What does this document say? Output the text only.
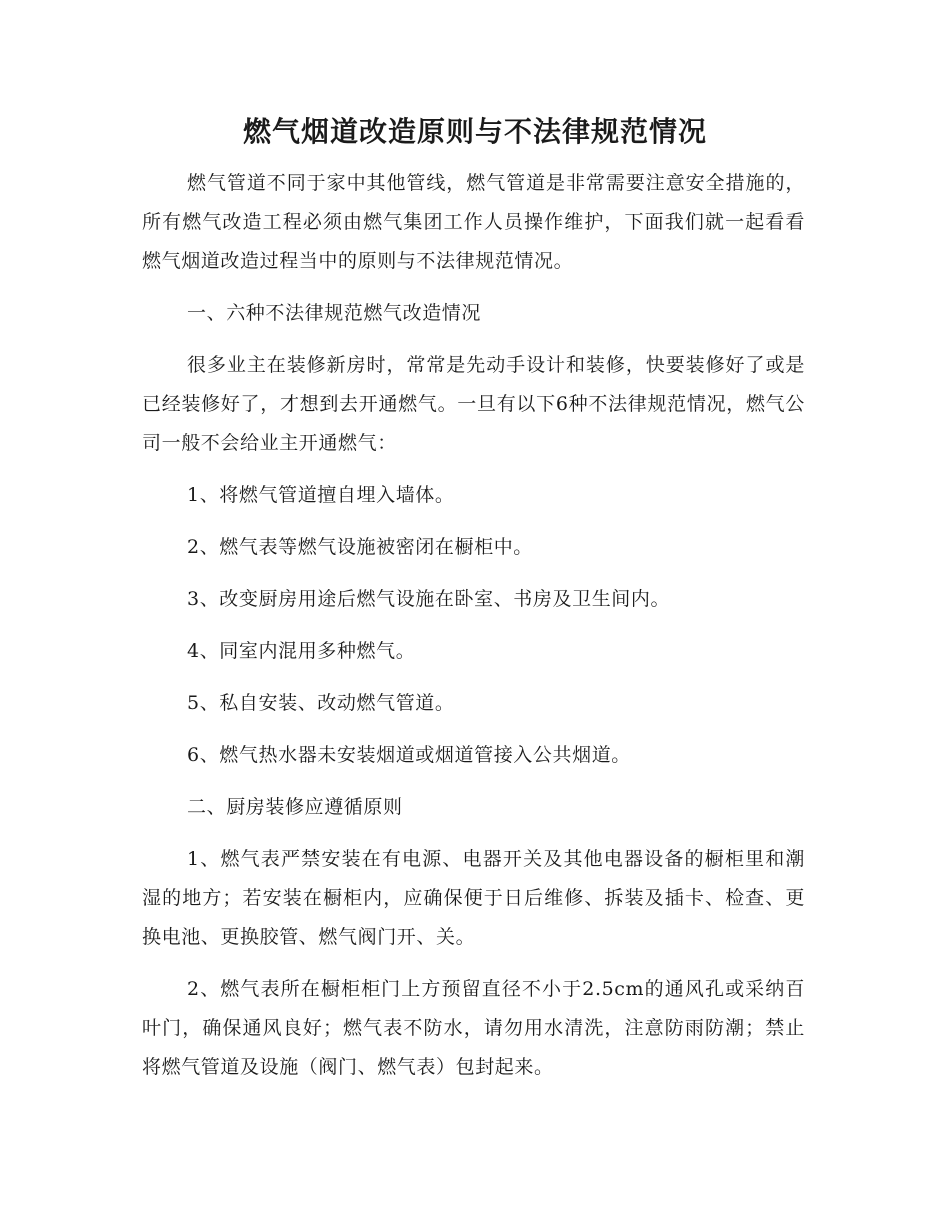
燃气烟道改造原则与不法律规范情况

燃气管道不同于家中其他管线，燃气管道是非常需要注意安全措施的，所有燃气改造工程必须由燃气集团工作人员操作维护，下面我们就一起看看燃气烟道改造过程当中的原则与不法律规范情况。

一、六种不法律规范燃气改造情况

很多业主在装修新房时，常常是先动手设计和装修，快要装修好了或是已经装修好了，才想到去开通燃气。一旦有以下6种不法律规范情况，燃气公司一般不会给业主开通燃气：

1、将燃气管道擅自埋入墙体。

2、燃气表等燃气设施被密闭在橱柜中。

3、改变厨房用途后燃气设施在卧室、书房及卫生间内。

4、同室内混用多种燃气。

5、私自安装、改动燃气管道。

6、燃气热水器未安装烟道或烟道管接入公共烟道。

二、厨房装修应遵循原则

1、燃气表严禁安装在有电源、电器开关及其他电器设备的橱柜里和潮湿的地方；若安装在橱柜内，应确保便于日后维修、拆装及插卡、检查、更换电池、更换胶管、燃气阀门开、关。

2、燃气表所在橱柜柜门上方预留直径不小于2.5cm的通风孔或采纳百叶门，确保通风良好；燃气表不防水，请勿用水清洗，注意防雨防潮；禁止将燃气管道及设施（阀门、燃气表）包封起来。
